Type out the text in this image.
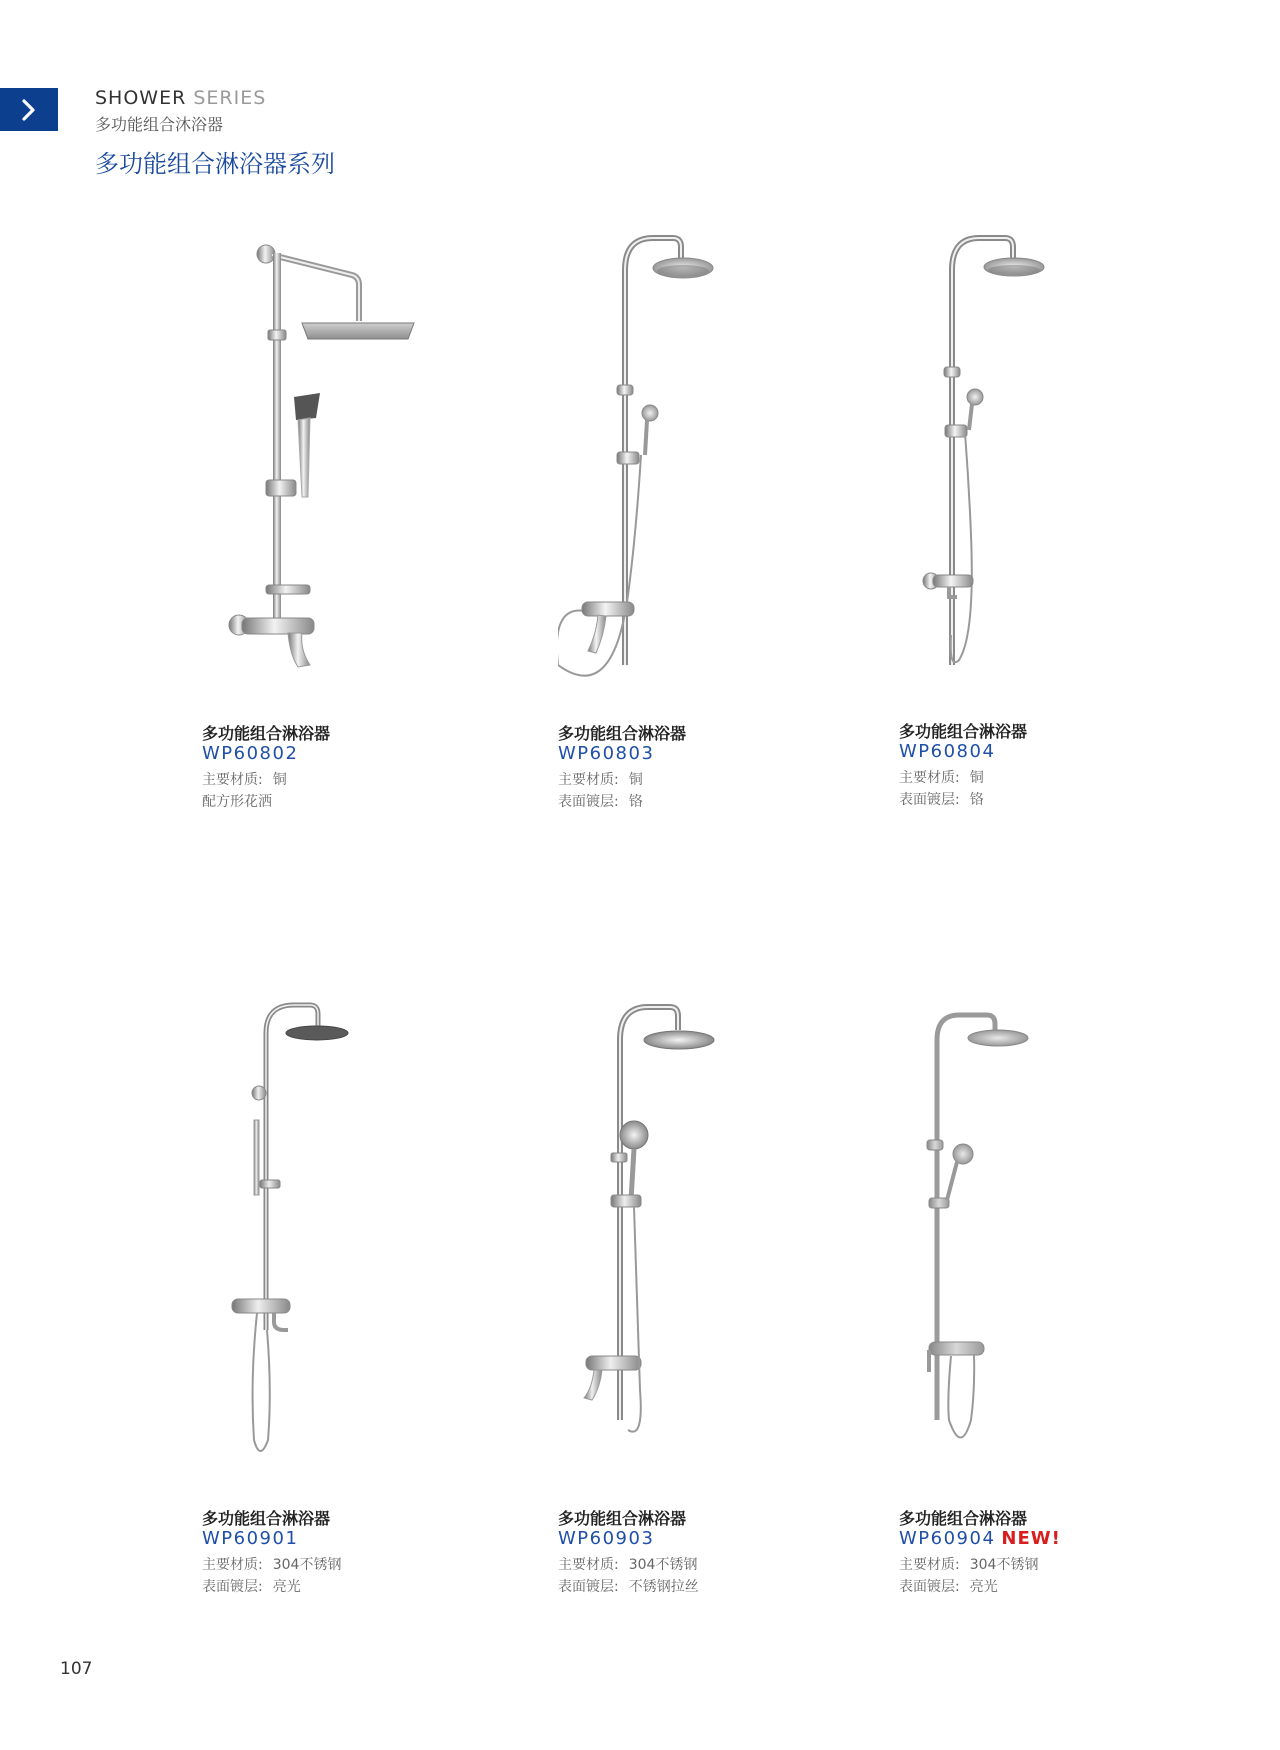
SHOWER SERIES
多功能组合沐浴器
多功能组合淋浴器系列
多功能组合淋浴器
WP60802
主要材质: 铜
配方形花洒
多功能组合淋浴器
WP60803
主要材质: 铜
表面镀层: 铬
多功能组合淋浴器
WP60804
主要材质: 铜
表面镀层: 铬
多功能组合淋浴器
WP60901
主要材质: 304不锈钢
表面镀层: 亮光
多功能组合淋浴器
WP60903
主要材质: 304不锈钢
表面镀层: 不锈钢拉丝
多功能组合淋浴器
WP60904 NEW!
主要材质: 304不锈钢
表面镀层: 亮光
107
